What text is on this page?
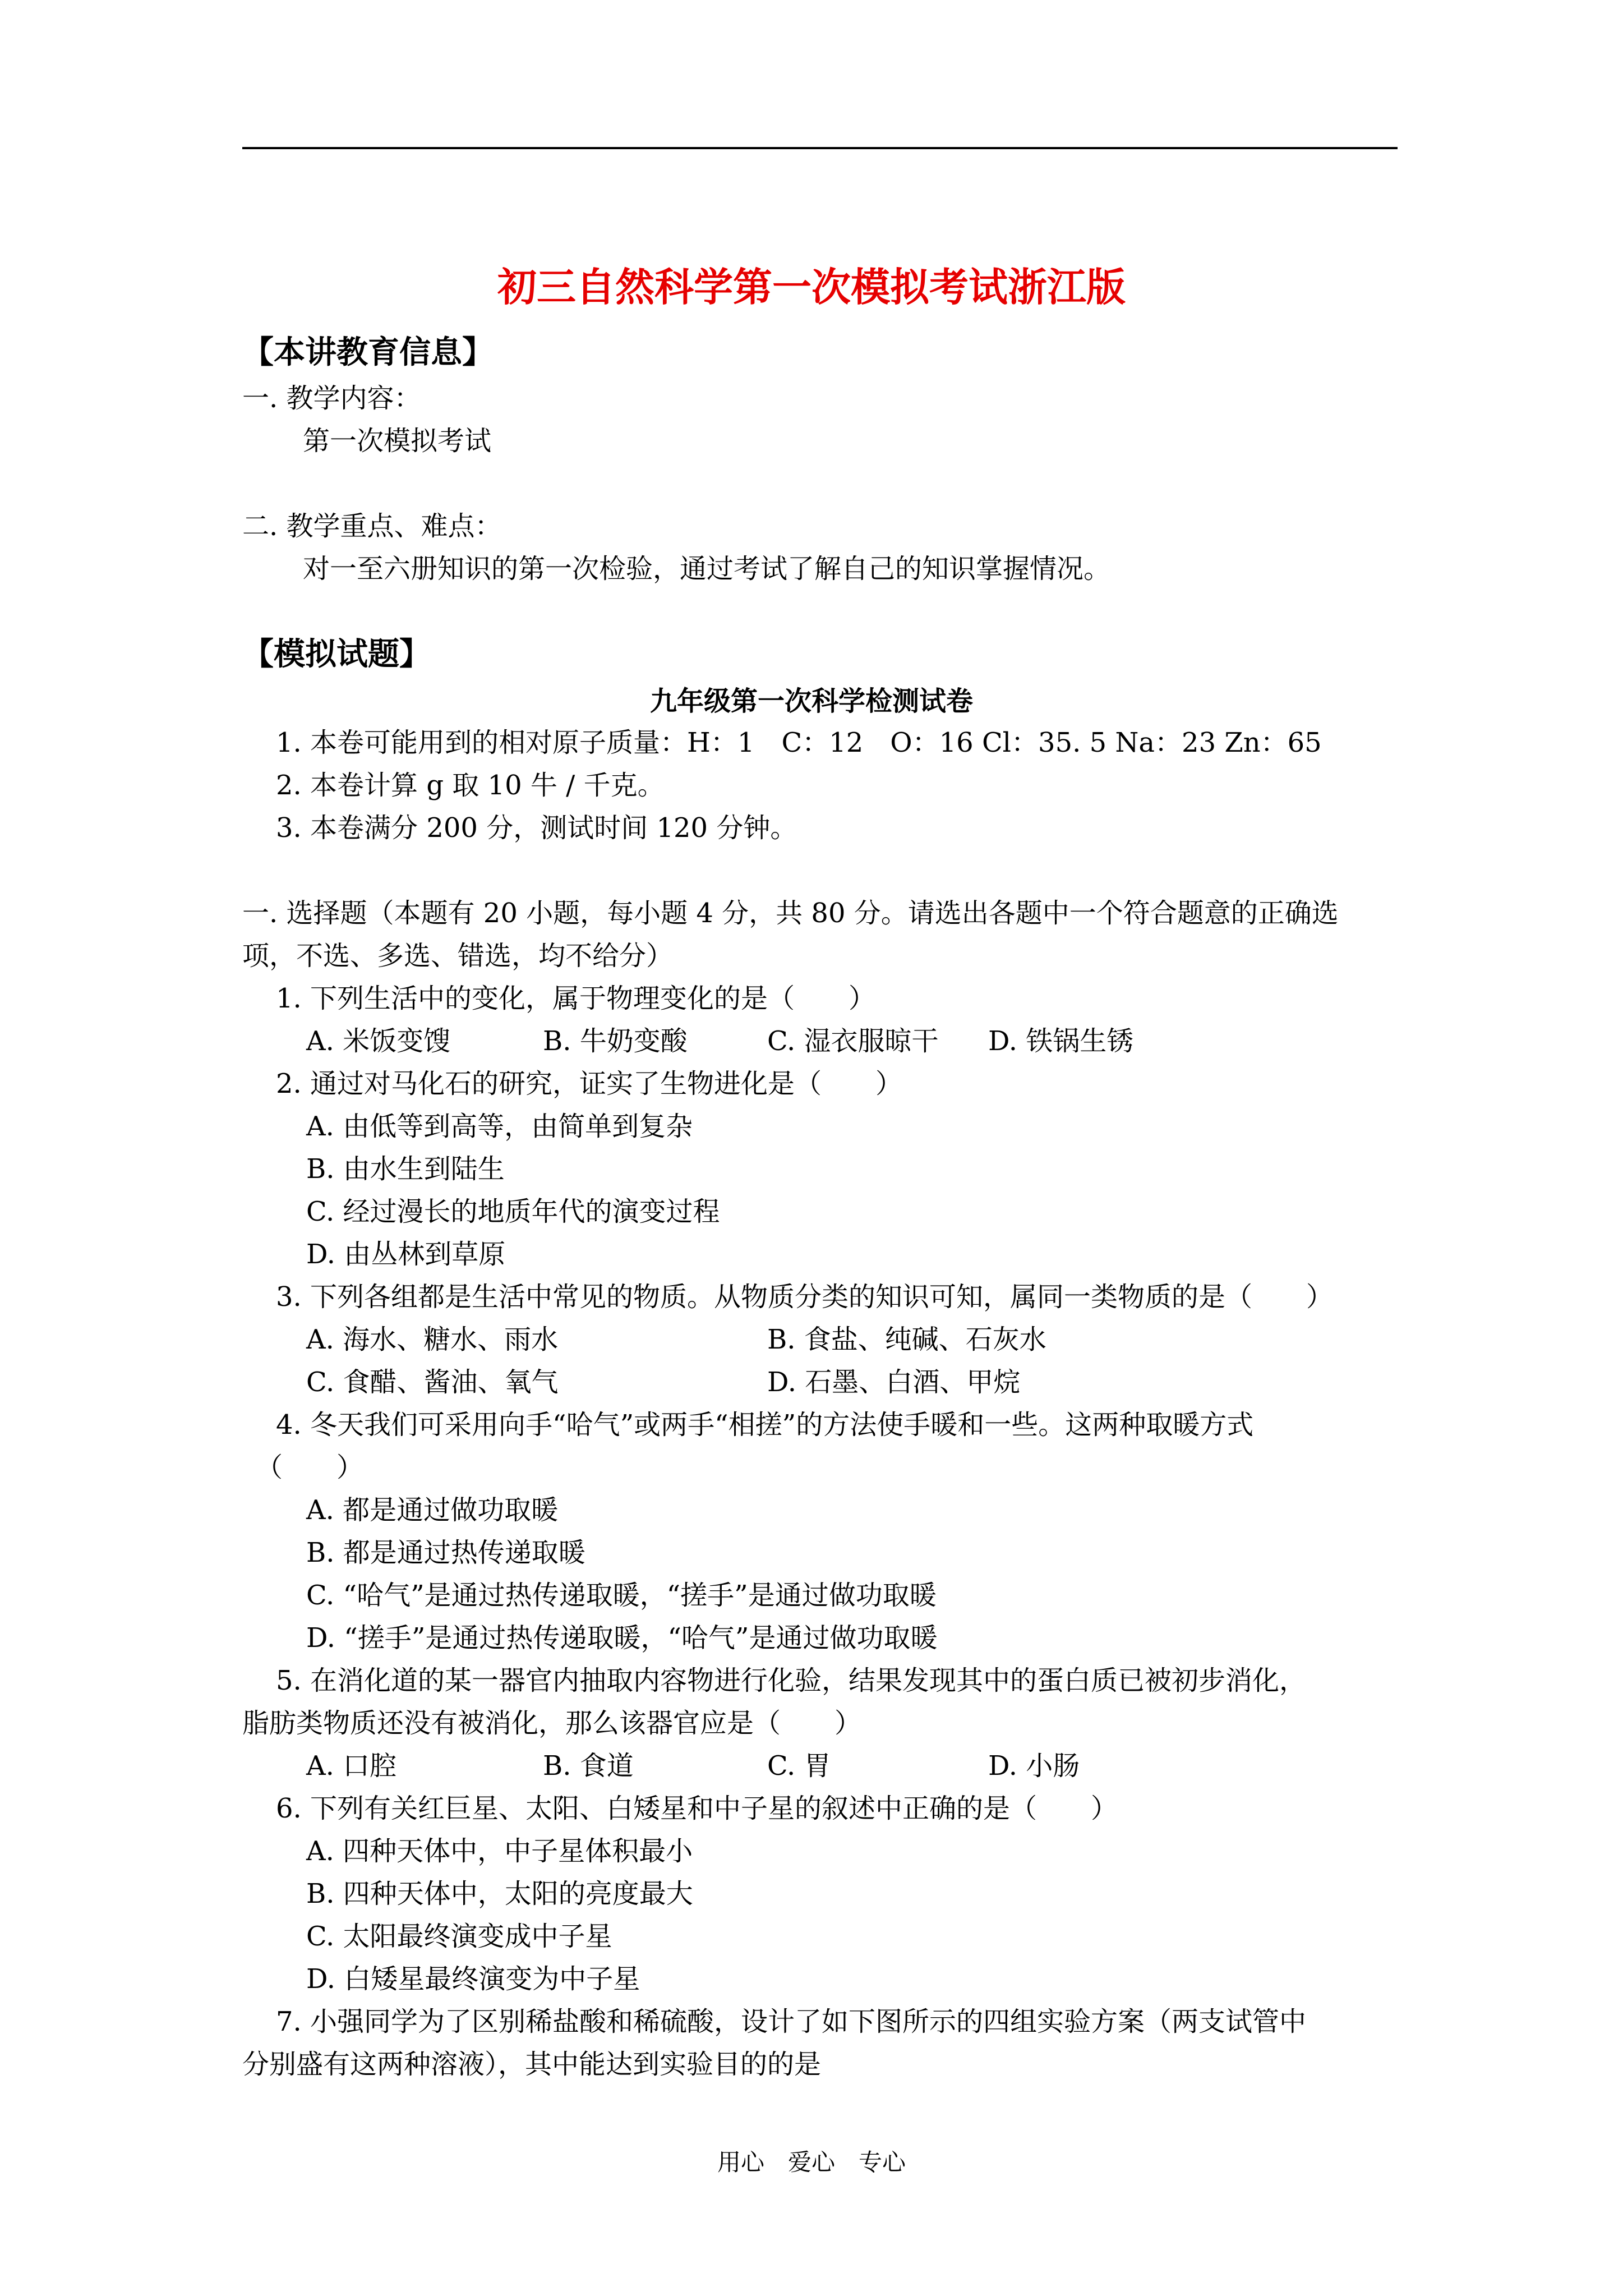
初三自然科学第一次模拟考试浙江版
【本讲教育信息】
一. 教学内容：
第一次模拟考试
二. 教学重点、难点：
对一至六册知识的第一次检验，通过考试了解自己的知识掌握情况。
【模拟试题】
九年级第一次科学检测试卷
1. 本卷可能用到的相对原子质量：H：1　C：12　O：16 Cl：35. 5 Na：23 Zn：65
2. 本卷计算 g 取 10 牛 / 千克。
3. 本卷满分 200 分，测试时间 120 分钟。
一. 选择题（本题有 20 小题，每小题 4 分，共 80 分。请选出各题中一个符合题意的正确选
项，不选、多选、错选，均不给分）
1. 下列生活中的变化，属于物理变化的是（　　）
A. 米饭变馊	B. 牛奶变酸	C. 湿衣服晾干 D. 铁锅生锈
2. 通过对马化石的研究，证实了生物进化是（　　）
A. 由低等到高等，由简单到复杂
B. 由水生到陆生
C. 经过漫长的地质年代的演变过程
D. 由丛林到草原
3. 下列各组都是生活中常见的物质。从物质分类的知识可知，属同一类物质的是（　　）
A. 海水、糖水、雨水	B. 食盐、纯碱、石灰水
C. 食醋、酱油、氧气	D. 石墨、白酒、甲烷
4. 冬天我们可采用向手“哈气”或两手“相搓”的方法使手暖和一些。这两种取暖方式
（　　）
A. 都是通过做功取暖
B. 都是通过热传递取暖
C. “哈气”是通过热传递取暖，“搓手”是通过做功取暖
D. “搓手”是通过热传递取暖，“哈气”是通过做功取暖
5. 在消化道的某一器官内抽取内容物进行化验，结果发现其中的蛋白质已被初步消化，
脂肪类物质还没有被消化，那么该器官应是（　　）
A. 口腔	B. 食道	C. 胃	D. 小肠
6. 下列有关红巨星、太阳、白矮星和中子星的叙述中正确的是（　　）
A. 四种天体中，中子星体积最小
B. 四种天体中，太阳的亮度最大
C. 太阳最终演变成中子星
D. 白矮星最终演变为中子星
7. 小强同学为了区别稀盐酸和稀硫酸，设计了如下图所示的四组实验方案（两支试管中
分别盛有这两种溶液），其中能达到实验目的的是
用心　爱心　专心
